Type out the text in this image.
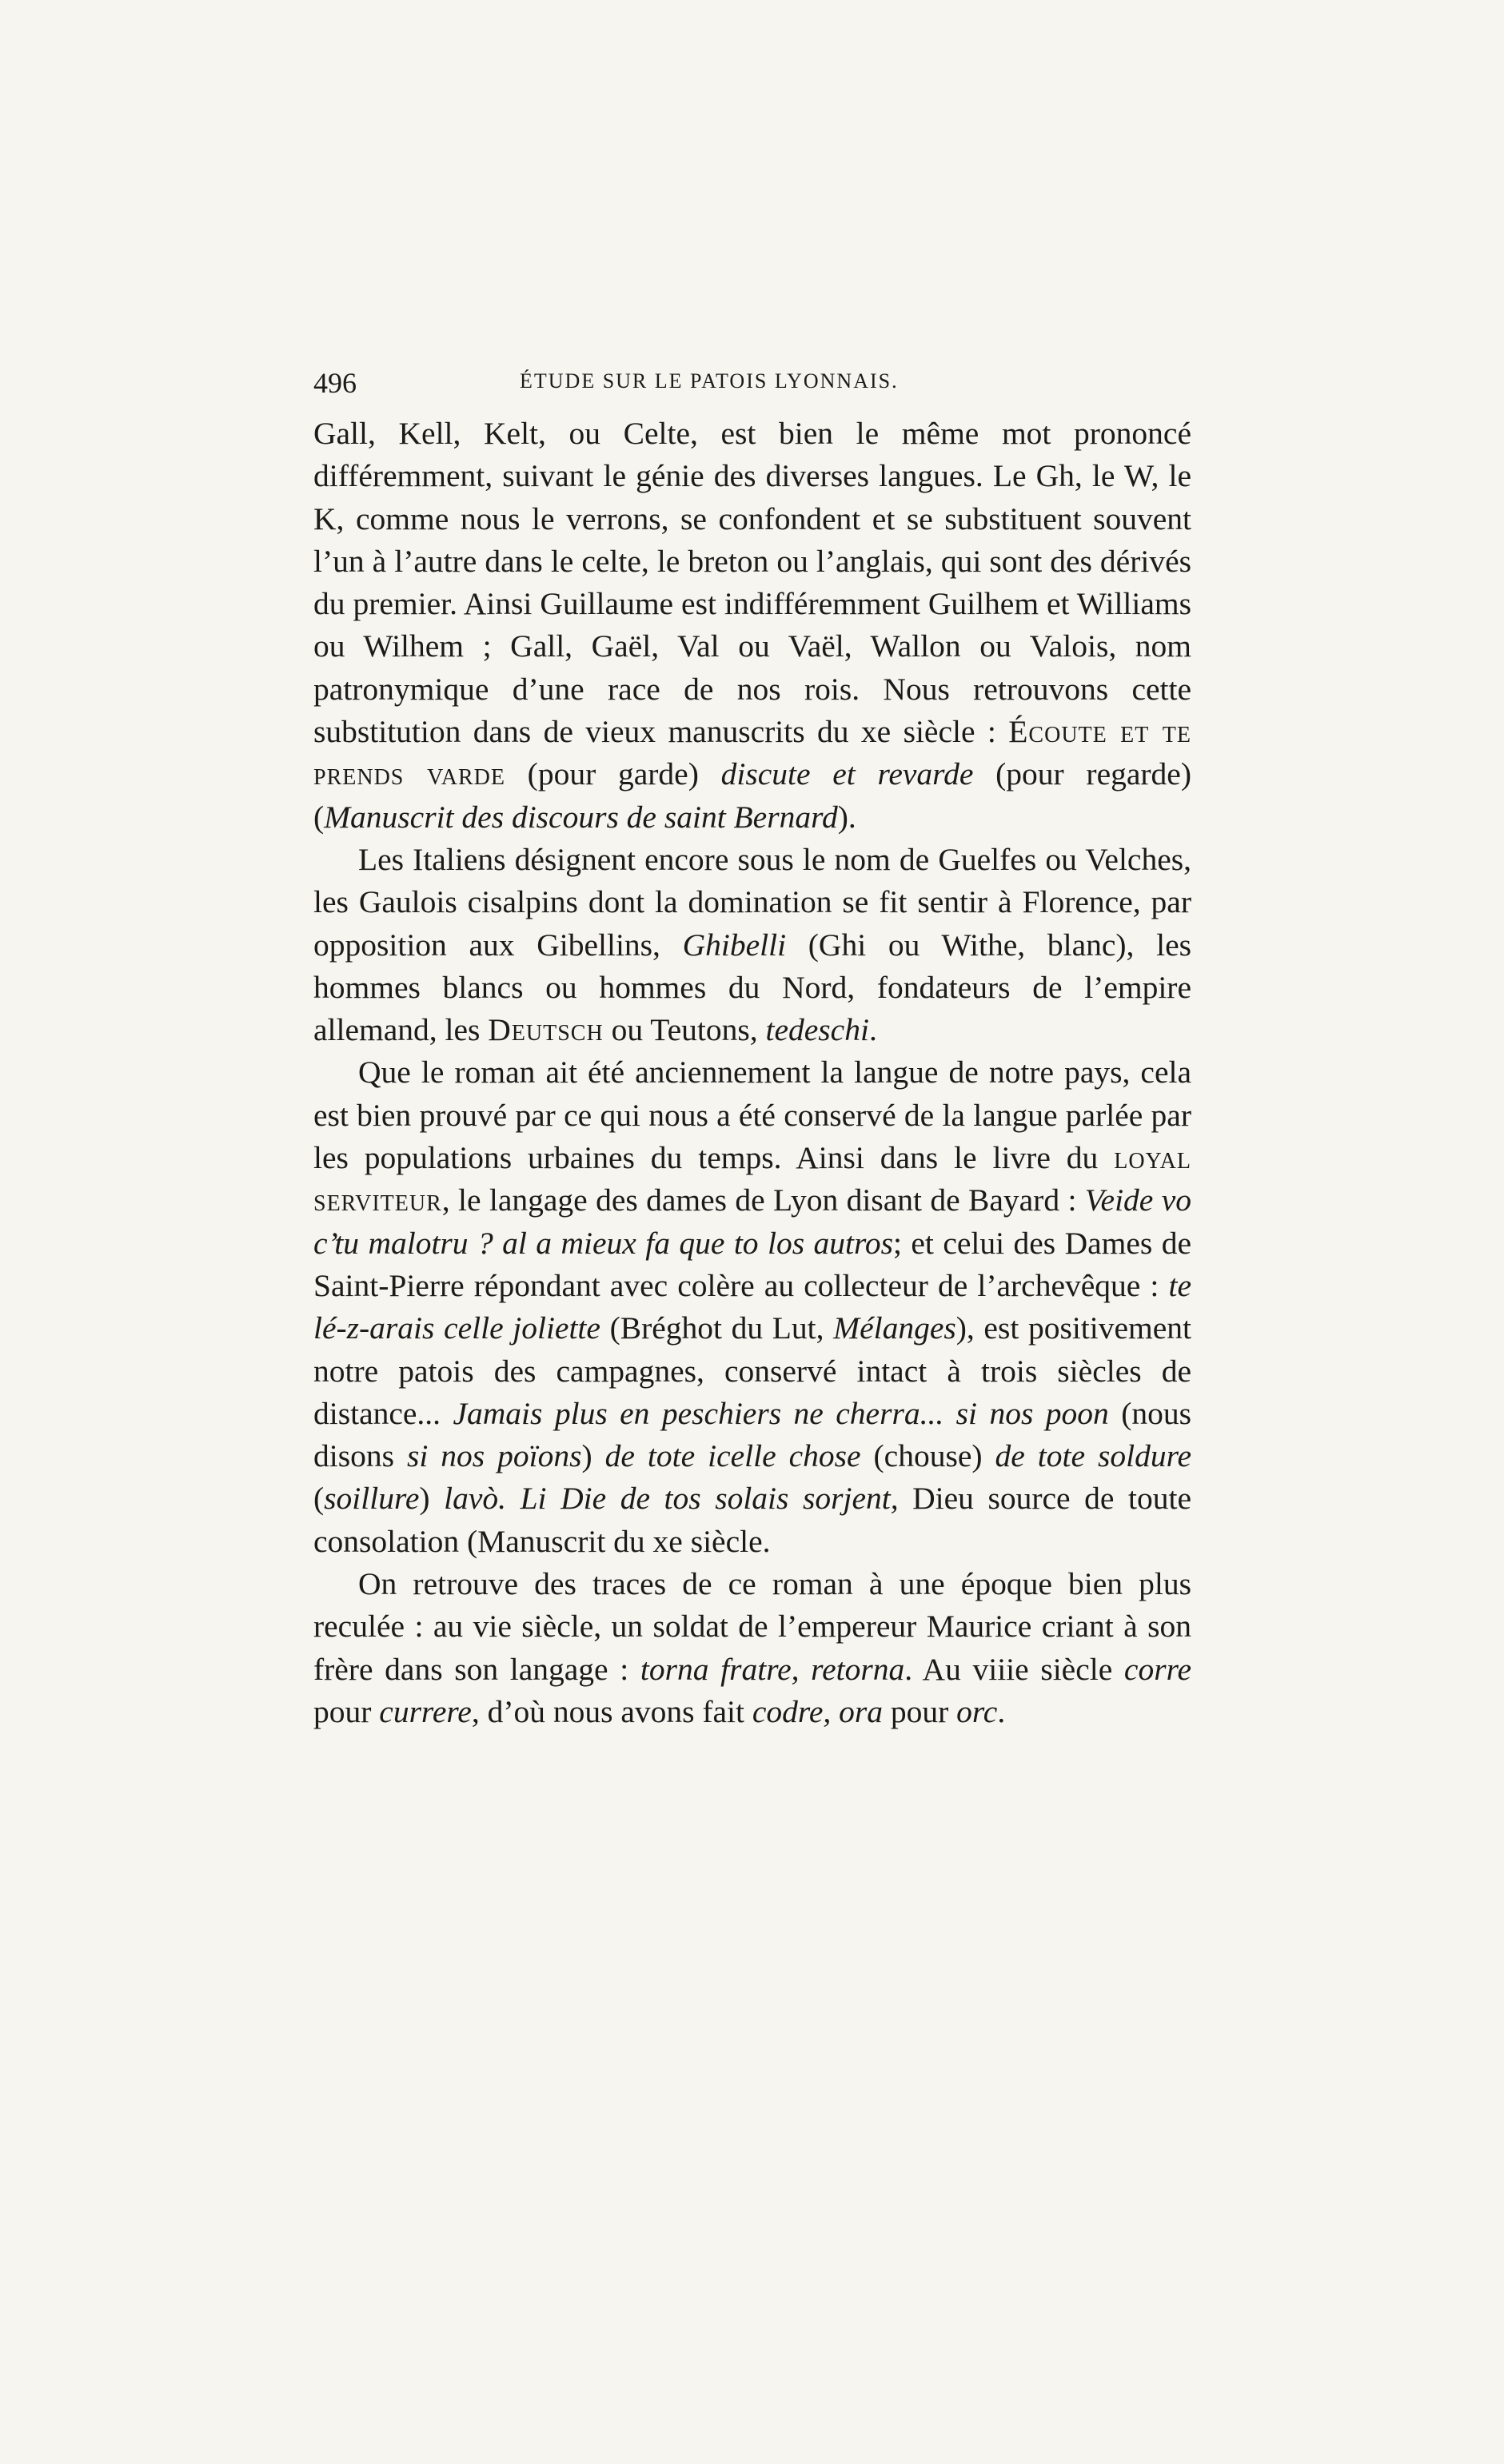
496	ÉTUDE SUR LE PATOIS LYONNAIS.

Gall, Kell, Kelt, ou Celte, est bien le même mot prononcé différemment, suivant le génie des diverses langues. Le Gh, le W, le K, comme nous le verrons, se confondent et se substituent souvent l’un à l’autre dans le celte, le breton ou l’anglais, qui sont des dérivés du premier. Ainsi Guillaume est indifféremment Guilhem et Williams ou Wilhem ; Gall, Gaël, Val ou Vaël, Wallon ou Valois, nom patronymique d’une race de nos rois. Nous retrouvons cette substitution dans de vieux manuscrits du xe siècle : Écoute et te prends varde (pour garde) discute et revarde (pour regarde) (Manuscrit des discours de saint Bernard).

Les Italiens désignent encore sous le nom de Guelfes ou Velches, les Gaulois cisalpins dont la domination se fit sentir à Florence, par opposition aux Gibellins, Ghibelli (Ghi ou Withe, blanc), les hommes blancs ou hommes du Nord, fondateurs de l’empire allemand, les Deutsch ou Teutons, tedeschi.

Que le roman ait été anciennement la langue de notre pays, cela est bien prouvé par ce qui nous a été conservé de la langue parlée par les populations urbaines du temps. Ainsi dans le livre du loyal serviteur, le langage des dames de Lyon disant de Bayard : Veide vo c’tu malotru ? al a mieux fa que to los autros; et celui des Dames de Saint-Pierre répondant avec colère au collecteur de l’archevêque : te lé-z-arais celle joliette (Bréghot du Lut, Mélanges), est positivement notre patois des campagnes, conservé intact à trois siècles de distance... Jamais plus en peschiers ne cherra... si nos poon (nous disons si nos poïons) de tote icelle chose (chouse) de tote soldure (soillure) lavò. Li Die de tos solais sorjent, Dieu source de toute consolation (Manuscrit du xe siècle.

On retrouve des traces de ce roman à une époque bien plus reculée : au vie siècle, un soldat de l’empereur Maurice criant à son frère dans son langage : torna fratre, retorna. Au viiie siècle corre pour currere, d’où nous avons fait codre, ora pour orc.
